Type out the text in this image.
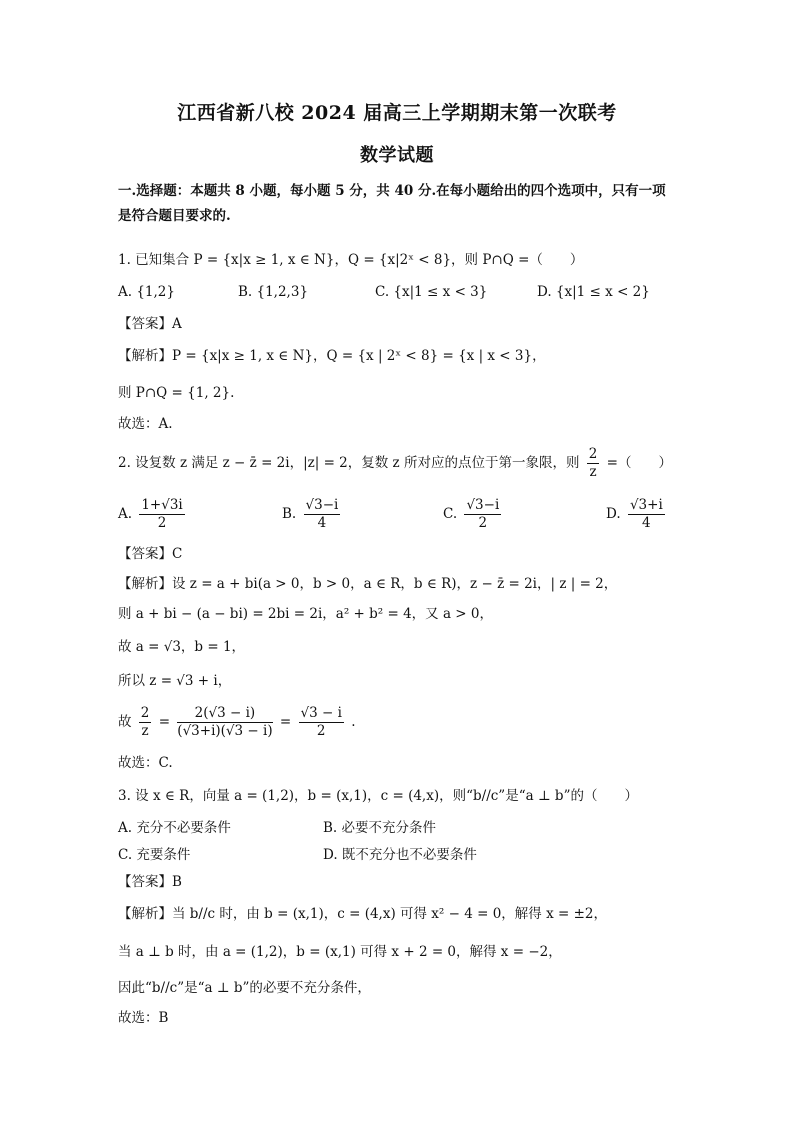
江西省新八校 2024 届高三上学期期末第一次联考
数学试题
一.选择题：本题共 8 小题，每小题 5 分，共 40 分.在每小题给出的四个选项中，只有一项
是符合题目要求的.
1. 已知集合 P = {x|x ≥ 1, x ∈ N}，Q = {x|2ˣ < 8}，则 P∩Q =（　　）
A. {1,2}	B. {1,2,3}	C. {x|1 ≤ x < 3}	D. {x|1 ≤ x < 2}
【答案】A
【解析】P = {x|x ≥ 1, x ∈ N}，Q = {x | 2ˣ < 8} = {x | x < 3}，
则 P∩Q = {1, 2}.
故选：A.
2. 设复数 z 满足 z − z̄ = 2i，|z| = 2，复数 z 所对应的点位于第一象限，则 $\frac{2}{z}$ =（　　）
A. $\frac{1+√3i}{2}$	B. $\frac{√3-i}{4}$	C. $\frac{√3-i}{2}$	D. $\frac{√3+i}{4}$
【答案】C
【解析】设 z = a + bi(a > 0，b > 0，a ∈ R，b ∈ R)，z − z̄ = 2i，| z | = 2，
则 a + bi − (a − bi) = 2bi = 2i，a² + b² = 4，又 a > 0，
故 a = √3，b = 1，
所以 z = √3 + i，
故 $\frac{2}{z} = \frac{2(√3 - i)}{(√3+i)(√3 - i)} = \frac{√3 - i}{2}$ .
故选：C.
3. 设 x ∈ R，向量 a = (1,2)，b = (x,1)，c = (4,x)，则“b//c”是“a ⊥ b”的（　　）
A. 充分不必要条件	B. 必要不充分条件
C. 充要条件	D. 既不充分也不必要条件
【答案】B
【解析】当 b//c 时，由 b = (x,1)，c = (4,x) 可得 x² − 4 = 0，解得 x = ±2，
当 a ⊥ b 时，由 a = (1,2)，b = (x,1) 可得 x + 2 = 0，解得 x = −2，
因此“b//c”是“a ⊥ b”的必要不充分条件，
故选：B
